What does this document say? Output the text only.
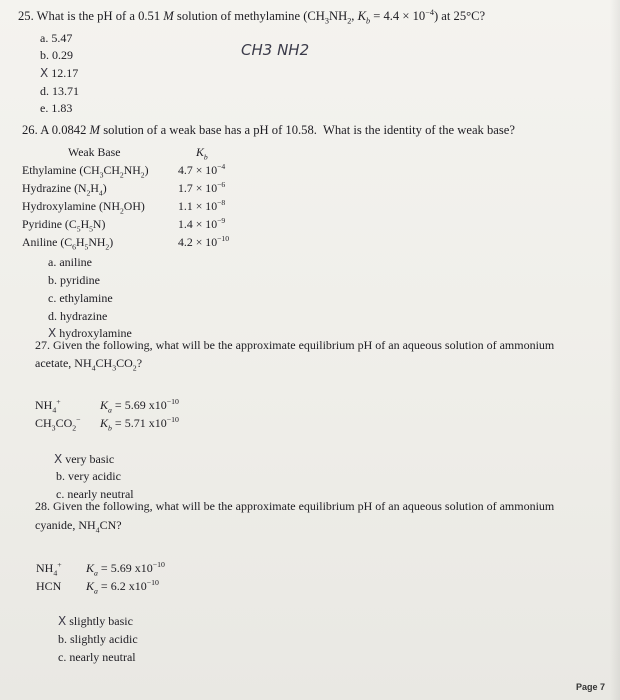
25. What is the pH of a 0.51 M solution of methylamine ($CH_3NH_2$, $K_b = 4.4 \times 10^{-4}$) at 25°C?
a. 5.47
b. 0.29
X 12.17
d. 13.71
e. 1.83
CH3 NH2
26. A 0.0842 M solution of a weak base has a pH of 10.58.  What is the identity of the weak base?
Weak Base	$K_b$
Ethylamine $(CH_3CH_2NH_2) 4.7 \times 10^{-4}$
Hydrazine $(N_2H_4)$	$1.7 \times 10^{-6}$
Hydroxylamine $(NH_2OH)$	$1.1 \times 10^{-8}$
Pyridine $(C_5H_5N)$	$1.4 \times 10^{-9}$
Aniline $(C_6H_5NH_2)$	$4.2 \times 10^{-10}$
a. aniline
b. pyridine
c. ethylamine
d. hydrazine
X hydroxylamine
27. Given the following, what will be the approximate equilibrium pH of an aqueous solution of ammonium
acetate, $NH_4CH_3CO_2$?
$NH_4^+$	$K_a = 5.69$ $x10^{-10}$
$CH_3CO_2^-$ $K_b = 5.71$ $x10^{-10}$
X very basic
b. very acidic
c. nearly neutral
28. Given the following, what will be the approximate equilibrium pH of an aqueous solution of ammonium
cyanide, $NH_4CN$?
$NH_4^+$ $K_a = 5.69$ $x10^{-10}$
HCN $K_a = 6.2$ $x10^{-10}$
X slightly basic
b. slightly acidic
c. nearly neutral
Page 7
